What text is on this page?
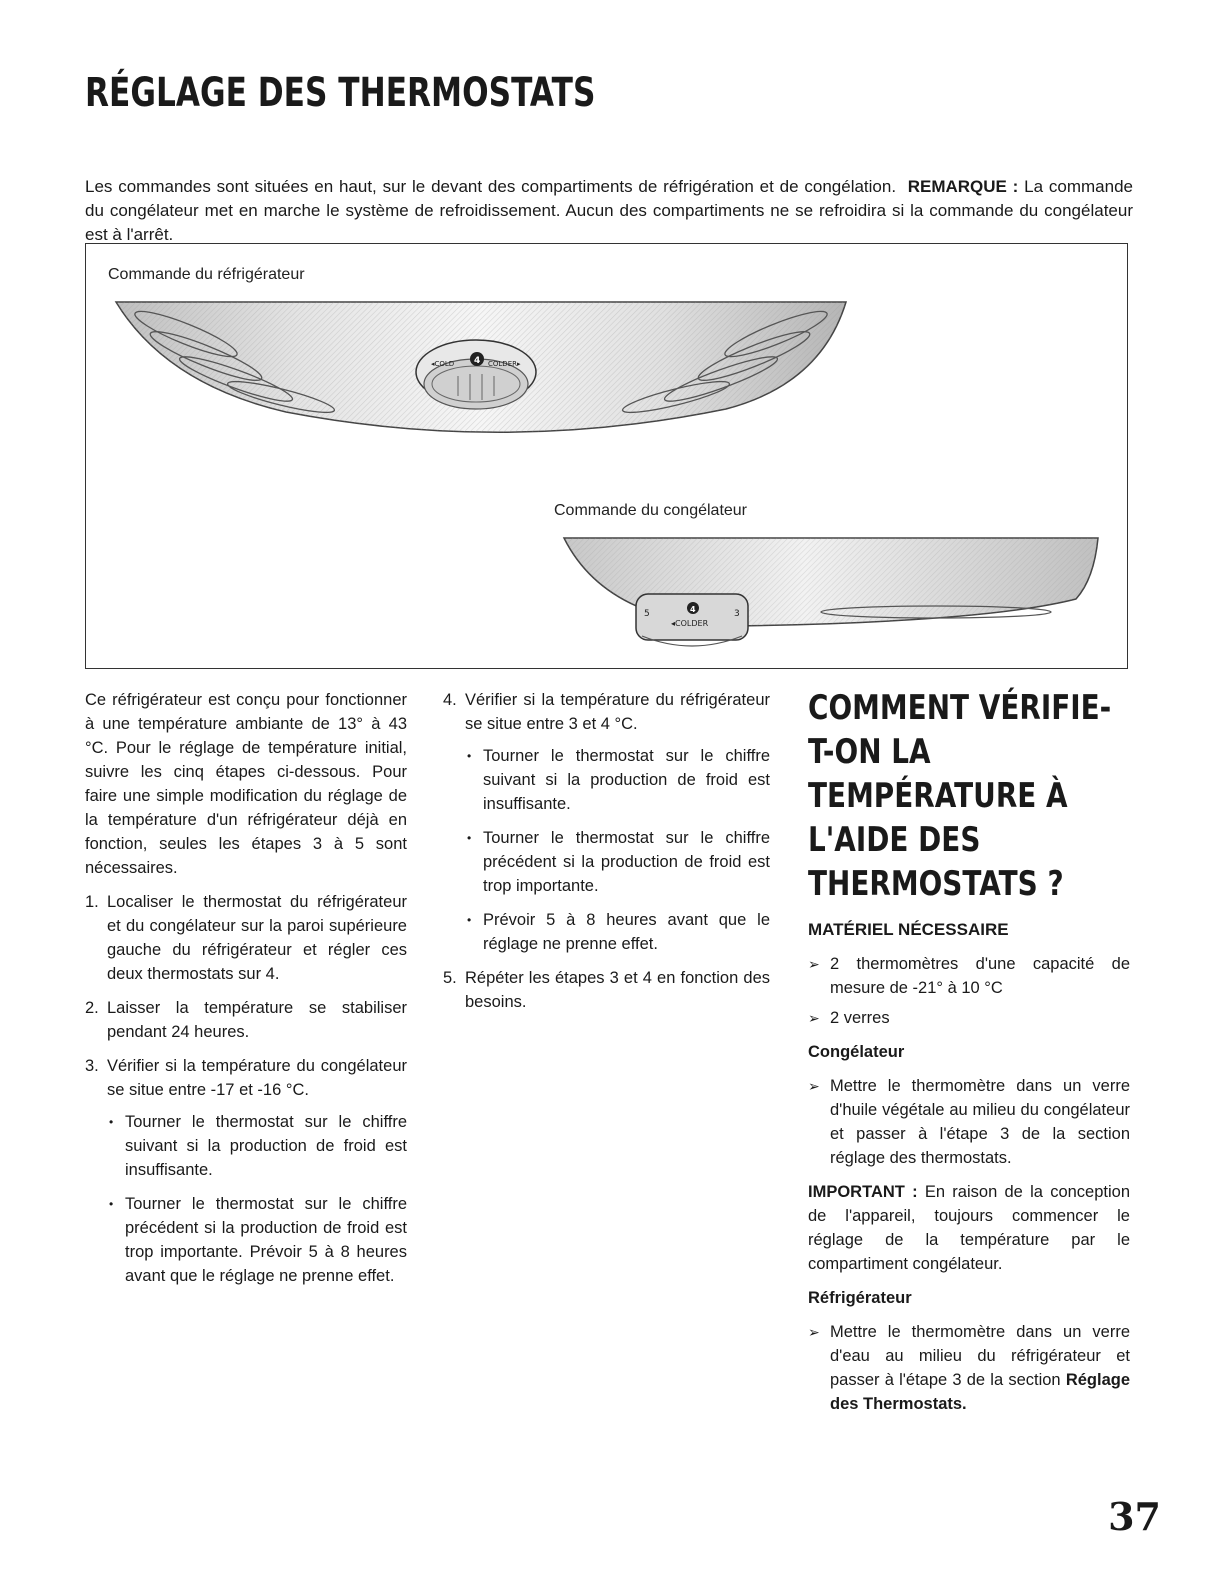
RÉGLAGE DES THERMOSTATS

Les commandes sont situées en haut, sur le devant des compartiments de réfrigération et de congélation. REMARQUE : La commande du congélateur met en marche le système de refroidissement. Aucun des compartiments ne se refroidira si la commande du congélateur est à l'arrêt.

Commande du réfrigérateur
Commande du congélateur
◂COLD 4 COLDER▸
5	4	3
◂COLDER

Ce réfrigérateur est conçu pour fonctionner à une température ambiante de 13° à 43 °C. Pour le réglage de température initial, suivre les cinq étapes ci-dessous. Pour faire une simple modification du réglage de la température d'un réfrigérateur déjà en fonction, seules les étapes 3 à 5 sont nécessaires.

1. Localiser le thermostat du réfrigérateur et du congélateur sur la paroi supérieure gauche du réfrigérateur et régler ces deux thermostats sur 4.
2. Laisser la température se stabiliser pendant 24 heures.
3. Vérifier si la température du congélateur se situe entre -17 et -16 °C.
• Tourner le thermostat sur le chiffre suivant si la production de froid est insuffisante.
• Tourner le thermostat sur le chiffre précédent si la production de froid est trop importante. Prévoir 5 à 8 heures avant que le réglage ne prenne effet.
4. Vérifier si la température du réfrigérateur se situe entre 3 et 4 °C.
• Tourner le thermostat sur le chiffre suivant si la production de froid est insuffisante.
• Tourner le thermostat sur le chiffre précédent si la production de froid est trop importante.
• Prévoir 5 à 8 heures avant que le réglage ne prenne effet.
5. Répéter les étapes 3 et 4 en fonction des besoins.
COMMENT VÉRIFIE-T-ON LA TEMPÉRATURE À L'AIDE DES THERMOSTATS ?
MATÉRIEL NÉCESSAIRE
➢ 2 thermomètres d'une capacité de mesure de -21° à 10 °C
➢ 2 verres
Congélateur
➢ Mettre le thermomètre dans un verre d'huile végétale au milieu du congélateur et passer à l'étape 3 de la section réglage des thermostats.

IMPORTANT : En raison de la conception de l'appareil, toujours commencer le réglage de la température par le compartiment congélateur.

Réfrigérateur
➢ Mettre le thermomètre dans un verre d'eau au milieu du réfrigérateur et passer à l'étape 3 de la section Réglage des Thermostats.
37
